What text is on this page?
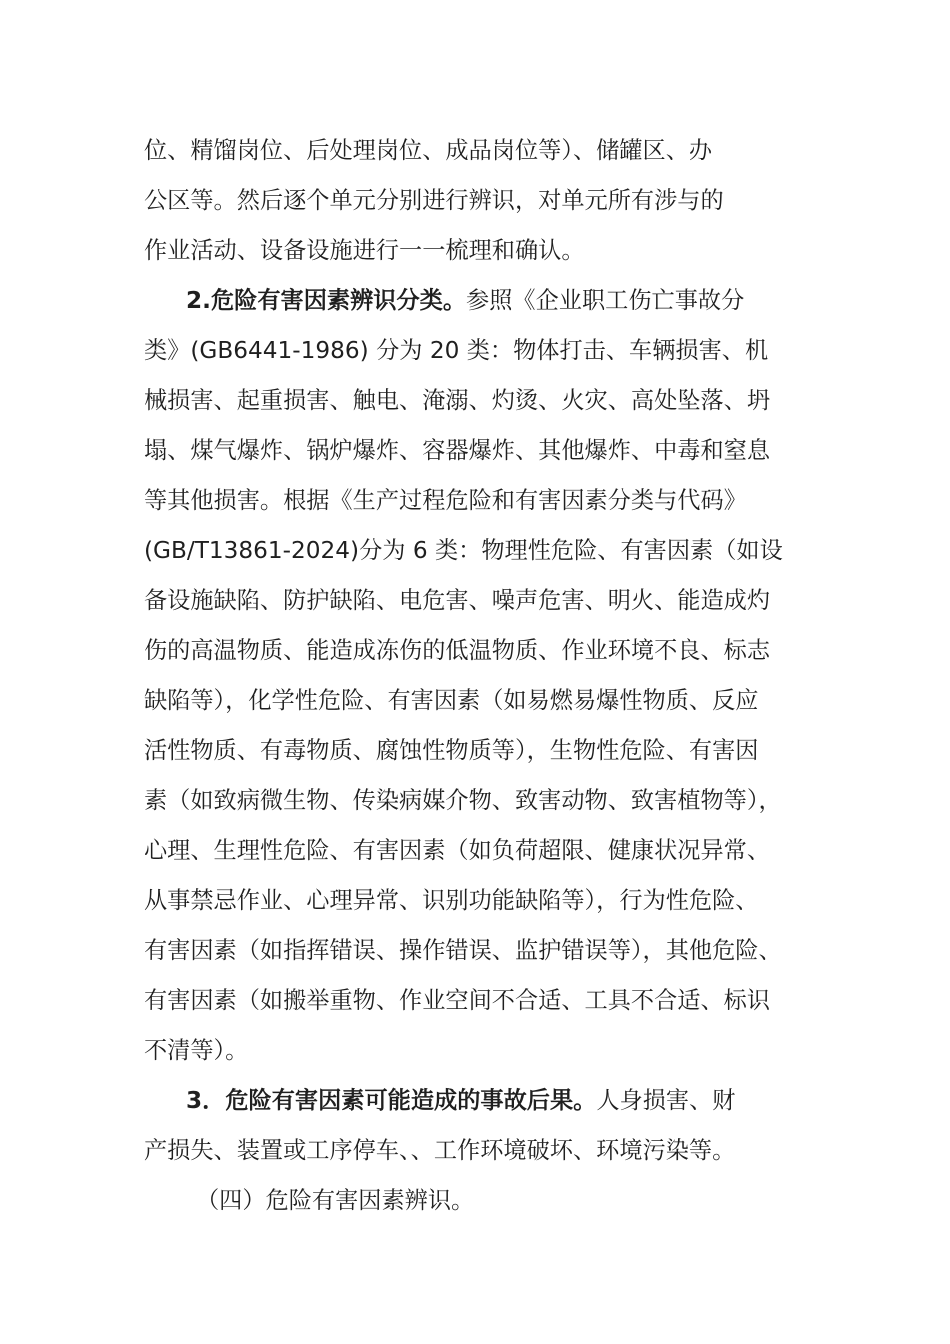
位、精馏岗位、后处理岗位、成品岗位等）、储罐区、办
公区等。然后逐个单元分别进行辨识，对单元所有涉与的
作业活动、设备设施进行一一梳理和确认。
2.危险有害因素辨识分类。参照《企业职工伤亡事故分
类》(GB6441-1986) 分为 20 类：物体打击、车辆损害、机
械损害、起重损害、触电、淹溺、灼烫、火灾、高处坠落、坍
塌、煤气爆炸、锅炉爆炸、容器爆炸、其他爆炸、中毒和窒息
等其他损害。根据《生产过程危险和有害因素分类与代码》
(GB/T13861-2024)分为 6 类：物理性危险、有害因素（如设
备设施缺陷、防护缺陷、电危害、噪声危害、明火、能造成灼
伤的高温物质、能造成冻伤的低温物质、作业环境不良、标志
缺陷等），化学性危险、有害因素（如易燃易爆性物质、反应
活性物质、有毒物质、腐蚀性物质等），生物性危险、有害因
素（如致病微生物、传染病媒介物、致害动物、致害植物等），
心理、生理性危险、有害因素（如负荷超限、健康状况异常、
从事禁忌作业、心理异常、识别功能缺陷等），行为性危险、
有害因素（如指挥错误、操作错误、监护错误等），其他危险、
有害因素（如搬举重物、作业空间不合适、工具不合适、标识
不清等）。
3．危险有害因素可能造成的事故后果。人身损害、财
产损失、装置或工序停车、、工作环境破坏、环境污染等。
（四）危险有害因素辨识。
